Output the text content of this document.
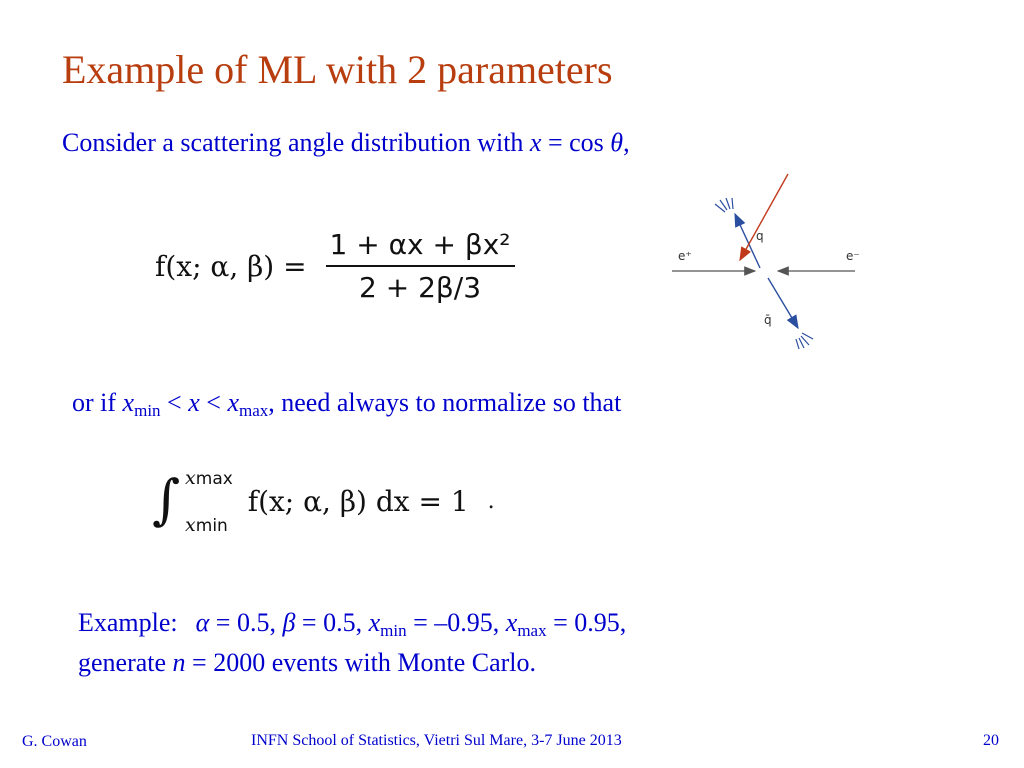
Example of ML with 2 parameters
Consider a scattering angle distribution with x = cos θ,
f(x; α, $\beta) = \frac{\text{1 + αx + βx²}}{2 + 2\beta/3}$	e⁺	e⁻
q
q̄
or if $x_{min} < x < x_{max}$, need always to normalize so that
∫ xmax
xmin
f(x; α, β) dx = 1 .
Example: α = 0.5, β = 0.5, $x_{min} = -0.95$, $x_{max} = 0.95$,
generate n = 2000 events with Monte Carlo.
G. Cowan	INFN School of Statistics, Vietri Sul Mare, 3-7 June 2013	20
